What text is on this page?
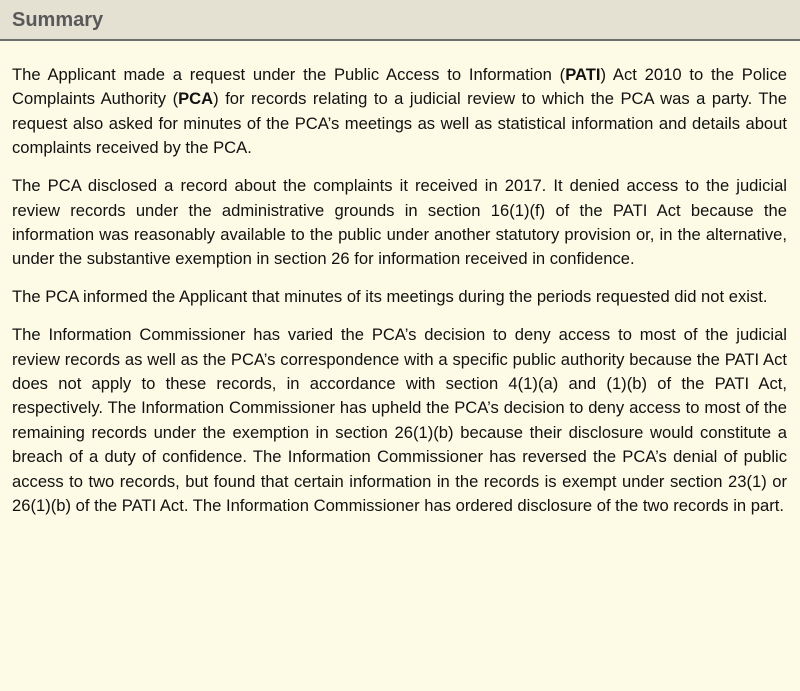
Summary

The Applicant made a request under the Public Access to Information (PATI) Act 2010 to the Police Complaints Authority (PCA) for records relating to a judicial review to which the PCA was a party. The request also asked for minutes of the PCA’s meetings as well as statistical information and details about complaints received by the PCA.

The PCA disclosed a record about the complaints it received in 2017. It denied access to the judicial review records under the administrative grounds in section 16(1)(f) of the PATI Act because the information was reasonably available to the public under another statutory provision or, in the alternative, under the substantive exemption in section 26 for information received in confidence.

The PCA informed the Applicant that minutes of its meetings during the periods requested did not exist.

The Information Commissioner has varied the PCA’s decision to deny access to most of the judicial review records as well as the PCA’s correspondence with a specific public authority because the PATI Act does not apply to these records, in accordance with section 4(1)(a) and (1)(b) of the PATI Act, respectively. The Information Commissioner has upheld the PCA’s decision to deny access to most of the remaining records under the exemption in section 26(1)(b) because their disclosure would constitute a breach of a duty of confidence. The Information Commissioner has reversed the PCA’s denial of public access to two records, but found that certain information in the records is exempt under section 23(1) or 26(1)(b) of the PATI Act. The Information Commissioner has ordered disclosure of the two records in part.
